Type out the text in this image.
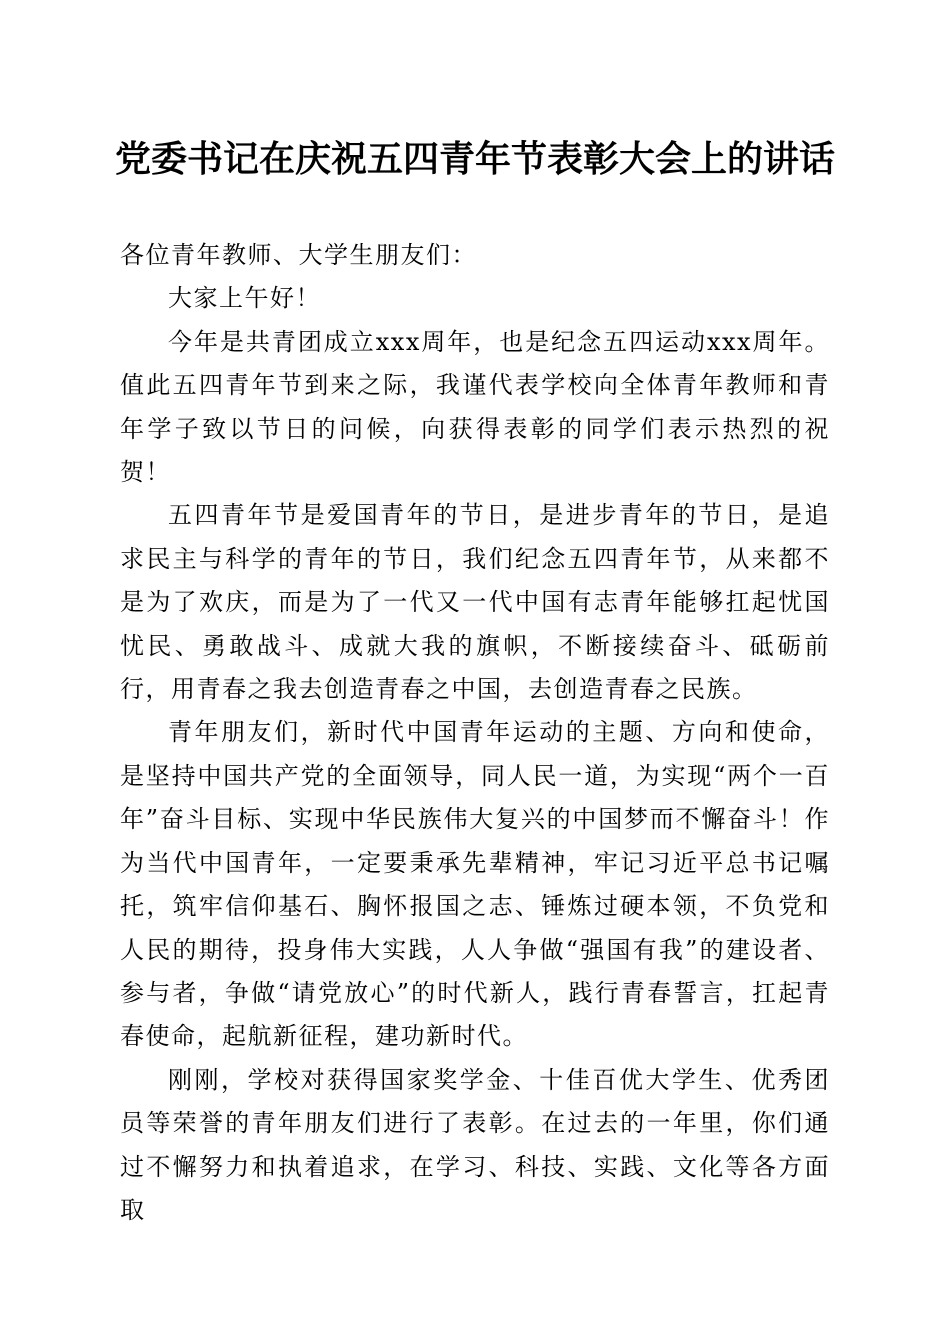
党委书记在庆祝五四青年节表彰大会上的讲话

各位青年教师、大学生朋友们：

大家上午好！

今年是共青团成立xxx周年，也是纪念五四运动xxx周年。值此五四青年节到来之际，我谨代表学校向全体青年教师和青年学子致以节日的问候，向获得表彰的同学们表示热烈的祝贺！

五四青年节是爱国青年的节日，是进步青年的节日，是追求民主与科学的青年的节日，我们纪念五四青年节，从来都不是为了欢庆，而是为了一代又一代中国有志青年能够扛起忧国忧民、勇敢战斗、成就大我的旗帜，不断接续奋斗、砥砺前行，用青春之我去创造青春之中国，去创造青春之民族。

青年朋友们，新时代中国青年运动的主题、方向和使命，是坚持中国共产党的全面领导，同人民一道，为实现“两个一百年”奋斗目标、实现中华民族伟大复兴的中国梦而不懈奋斗！作为当代中国青年，一定要秉承先辈精神，牢记习近平总书记嘱托，筑牢信仰基石、胸怀报国之志、锤炼过硬本领，不负党和人民的期待，投身伟大实践，人人争做“强国有我”的建设者、参与者，争做“请党放心”的时代新人，践行青春誓言，扛起青春使命，起航新征程，建功新时代。

刚刚，学校对获得国家奖学金、十佳百优大学生、优秀团员等荣誉的青年朋友们进行了表彰。在过去的一年里，你们通过不懈努力和执着追求，在学习、科技、实践、文化等各方面取
